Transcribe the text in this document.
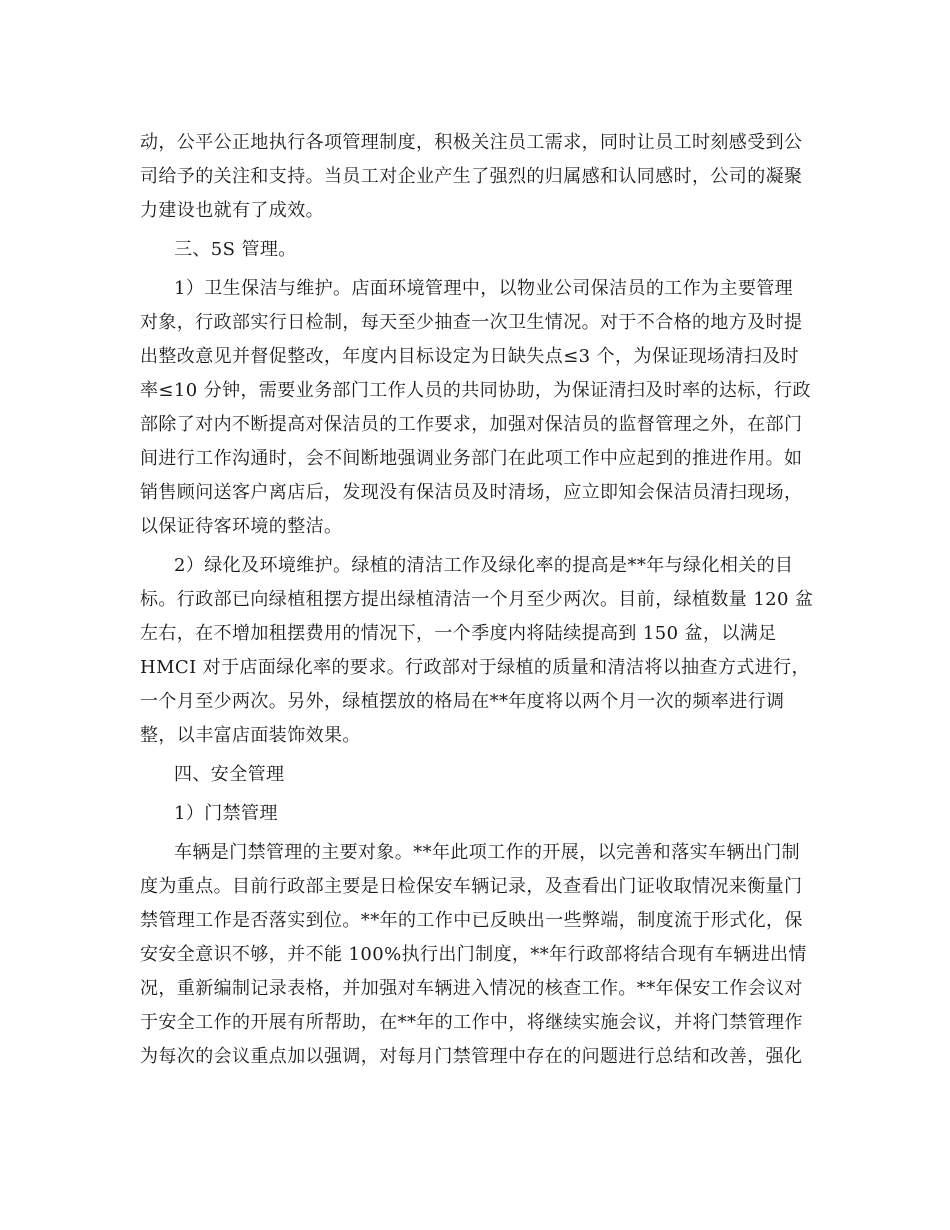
动，公平公正地执行各项管理制度，积极关注员工需求，同时让员工时刻感受到公
司给予的关注和支持。当员工对企业产生了强烈的归属感和认同感时，公司的凝聚
力建设也就有了成效。
三、5S 管理。
1）卫生保洁与维护。店面环境管理中，以物业公司保洁员的工作为主要管理
对象，行政部实行日检制，每天至少抽查一次卫生情况。对于不合格的地方及时提
出整改意见并督促整改，年度内目标设定为日缺失点≤3 个，为保证现场清扫及时
率≤10 分钟，需要业务部门工作人员的共同协助，为保证清扫及时率的达标，行政
部除了对内不断提高对保洁员的工作要求，加强对保洁员的监督管理之外，在部门
间进行工作沟通时，会不间断地强调业务部门在此项工作中应起到的推进作用。如
销售顾问送客户离店后，发现没有保洁员及时清场，应立即知会保洁员清扫现场，
以保证待客环境的整洁。
2）绿化及环境维护。绿植的清洁工作及绿化率的提高是**年与绿化相关的目
标。行政部已向绿植租摆方提出绿植清洁一个月至少两次。目前，绿植数量 120 盆
左右，在不增加租摆费用的情况下，一个季度内将陆续提高到 150 盆，以满足
HMCI 对于店面绿化率的要求。行政部对于绿植的质量和清洁将以抽查方式进行，
一个月至少两次。另外，绿植摆放的格局在**年度将以两个月一次的频率进行调
整，以丰富店面装饰效果。
四、安全管理
1）门禁管理
车辆是门禁管理的主要对象。**年此项工作的开展，以完善和落实车辆出门制
度为重点。目前行政部主要是日检保安车辆记录，及查看出门证收取情况来衡量门
禁管理工作是否落实到位。**年的工作中已反映出一些弊端，制度流于形式化，保
安安全意识不够，并不能 100%执行出门制度，**年行政部将结合现有车辆进出情
况，重新编制记录表格，并加强对车辆进入情况的核查工作。**年保安工作会议对
于安全工作的开展有所帮助，在**年的工作中，将继续实施会议，并将门禁管理作
为每次的会议重点加以强调，对每月门禁管理中存在的问题进行总结和改善，强化
